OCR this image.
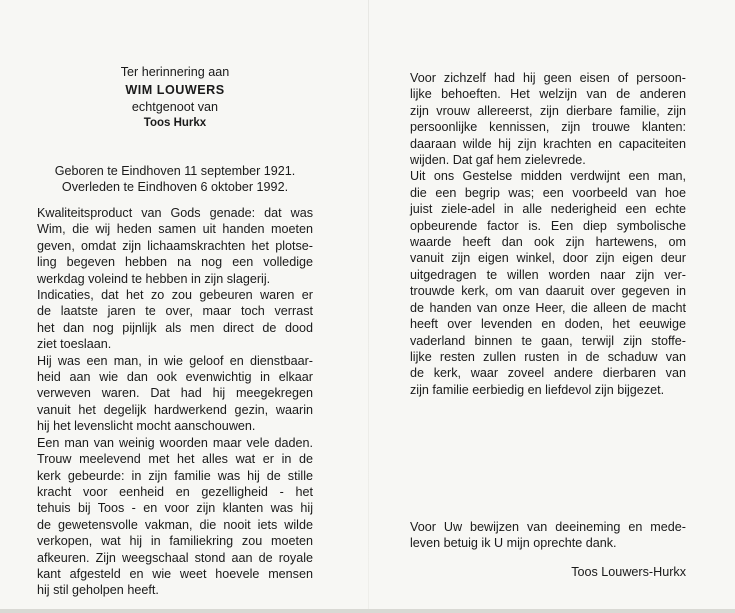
Ter herinnering aan
WIM LOUWERS
echtgenoot van
Toos Hurkx
Geboren te Eindhoven 11 september 1921.
Overleden te Eindhoven 6 oktober 1992.
Kwaliteitsproduct van Gods genade: dat was
Wim, die wij heden samen uit handen moeten
geven, omdat zijn lichaamskrachten het plotse-
ling begeven hebben na nog een volledige
werkdag voleind te hebben in zijn slagerij.
Indicaties, dat het zo zou gebeuren waren er
de laatste jaren te over, maar toch verrast
het dan nog pijnlijk als men direct de dood
ziet toeslaan.
Hij was een man, in wie geloof en dienstbaar-
heid aan wie dan ook evenwichtig in elkaar
verweven waren. Dat had hij meegekregen
vanuit het degelijk hardwerkend gezin, waarin
hij het levenslicht mocht aanschouwen.
Een man van weinig woorden maar vele daden.
Trouw meelevend met het alles wat er in de
kerk gebeurde: in zijn familie was hij de stille
kracht voor eenheid en gezelligheid - het
tehuis bij Toos - en voor zijn klanten was hij
de gewetensvolle vakman, die nooit iets wilde
verkopen, wat hij in familiekring zou moeten
afkeuren. Zijn weegschaal stond aan de royale
kant afgesteld en wie weet hoevele mensen
hij stil geholpen heeft.
Voor zichzelf had hij geen eisen of persoon-
lijke behoeften. Het welzijn van de anderen
zijn vrouw allereerst, zijn dierbare familie, zijn
persoonlijke kennissen, zijn trouwe klanten:
daaraan wilde hij zijn krachten en capaciteiten
wijden. Dat gaf hem zielevrede.
Uit ons Gestelse midden verdwijnt een man,
die een begrip was; een voorbeeld van hoe
juist ziele-adel in alle nederigheid een echte
opbeurende factor is. Een diep symbolische
waarde heeft dan ook zijn hartewens, om
vanuit zijn eigen winkel, door zijn eigen deur
uitgedragen te willen worden naar zijn ver-
trouwde kerk, om van daaruit over gegeven in
de handen van onze Heer, die alleen de macht
heeft over levenden en doden, het eeuwige
vaderland binnen te gaan, terwijl zijn stoffe-
lijke resten zullen rusten in de schaduw van
de kerk, waar zoveel andere dierbaren van
zijn familie eerbiedig en liefdevol zijn bijgezet.
Voor Uw bewijzen van deeineming en mede-
leven betuig ik U mijn oprechte dank.
Toos Louwers-Hurkx
